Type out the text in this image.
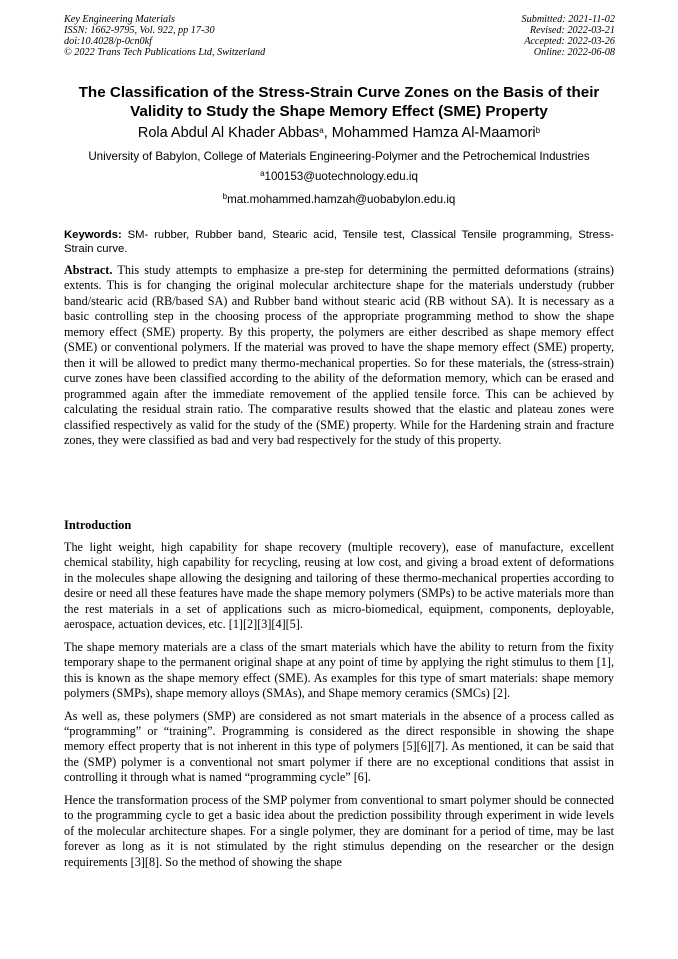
Key Engineering Materials
ISSN: 1662-9795, Vol. 922, pp 17-30
doi:10.4028/p-0cn0kf
© 2022 Trans Tech Publications Ltd, Switzerland
Submitted: 2021-11-02
Revised: 2022-03-21
Accepted: 2022-03-26
Online: 2022-06-08
The Classification of the Stress-Strain Curve Zones on the Basis of their Validity to Study the Shape Memory Effect (SME) Property
Rola Abdul Al Khader Abbas$^a$, Mohammed Hamza Al-Maamori$^b$
University of Babylon, College of Materials Engineering-Polymer and the Petrochemical Industries
$^a$100153@uotechnology.edu.iq
$^b$mat.mohammed.hamzah@uobabylon.edu.iq

Keywords: SM- rubber, Rubber band, Stearic acid, Tensile test, Classical Tensile programming, Stress- Strain curve.

Abstract. This study attempts to emphasize a pre-step for determining the permitted deformations (strains) extents. This is for changing the original molecular architecture shape for the materials understudy (rubber band/stearic acid (RB/based SA) and Rubber band without stearic acid (RB without SA). It is necessary as a basic controlling step in the choosing process of the appropriate programming method to show the shape memory effect (SME) property. By this property, the polymers are either described as shape memory effect (SME) or conventional polymers. If the material was proved to have the shape memory effect (SME) property, then it will be allowed to predict many thermo-mechanical properties. So for these materials, the (stress-strain) curve zones have been classified according to the ability of the deformation memory, which can be erased and programmed again after the immediate removement of the applied tensile force. This can be achieved by calculating the residual strain ratio. The comparative results showed that the elastic and plateau zones were classified respectively as valid for the study of the (SME) property. While for the Hardening strain and fracture zones, they were classified as bad and very bad respectively for the study of this property.

Introduction

The light weight, high capability for shape recovery (multiple recovery), ease of manufacture, excellent chemical stability, high capability for recycling, reusing at low cost, and giving a broad extent of deformations in the molecules shape allowing the designing and tailoring of these thermo-mechanical properties according to desire or need all these features have made the shape memory polymers (SMPs) to be active materials more than the rest materials in a set of applications such as micro-biomedical, equipment, components, deployable, aerospace, actuation devices, etc. [1][2][3][4][5].

The shape memory materials are a class of the smart materials which have the ability to return from the fixity temporary shape to the permanent original shape at any point of time by applying the right stimulus to them [1], this is known as the shape memory effect (SME). As examples for this type of smart materials: shape memory polymers (SMPs), shape memory alloys (SMAs), and Shape memory ceramics (SMCs) [2].

As well as, these polymers (SMP) are considered as not smart materials in the absence of a process called as “programming” or “training”. Programming is considered as the direct responsible in showing the shape memory effect property that is not inherent in this type of polymers [5][6][7]. As mentioned, it can be said that the (SMP) polymer is a conventional not smart polymer if there are no exceptional conditions that assist in controlling it through what is named “programming cycle” [6].

Hence the transformation process of the SMP polymer from conventional to smart polymer should be connected to the programming cycle to get a basic idea about the prediction possibility through experiment in wide levels of the molecular architecture shapes. For a single polymer, they are dominant for a period of time, may be last forever as long as it is not stimulated by the right stimulus depending on the researcher or the design requirements [3][8]. So the method of showing the shape
